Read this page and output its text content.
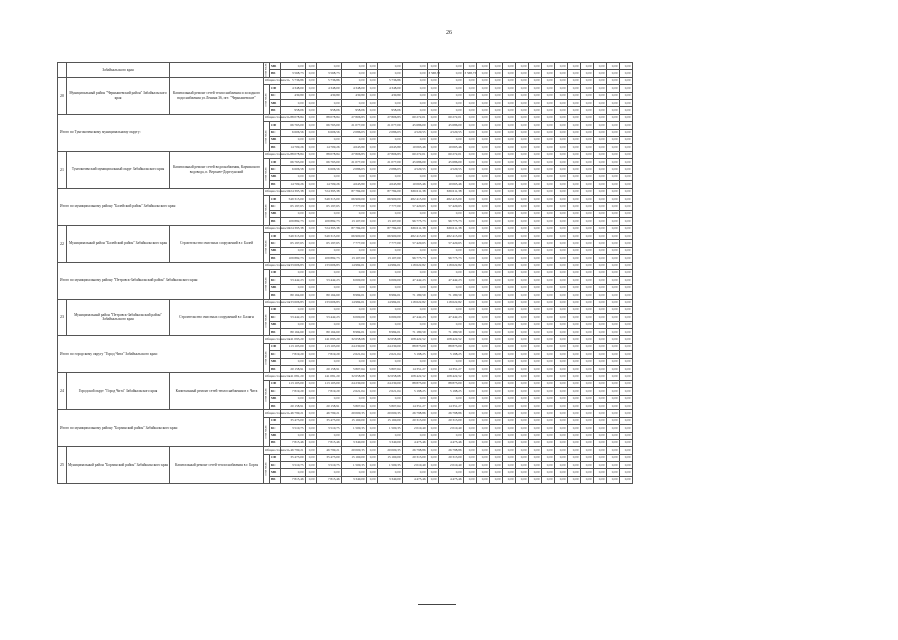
26
	Забайкальского края		в том числе:	МБ	0,00	0,00	0,00	0,00	0,00	0,00	0,00	0,00	0,00	0,00	0,00	0,00	0,00	0,00	0,00	0,00	0,00	0,00	0,00	0,00	0,00	0,00
				ВБ	3 568,73	0,00	3 568,73	0,00	0,00	0,00	0,00	3 568,73	0,00	3 568,73	0,00	0,00	0,00	0,00	0,00	0,00	0,00	0,00	0,00	0,00	0,00	0,00
20	Муниципальный район "Чернышевский район" Забайкальского края	Капитальный ремонт сетей теплоснабжения и холодного водоснабжения ул.Ленина 36, пгт. "Чернышевское"	Общая стоимость		5 736,86	0,00	5 736,86	0,00	0,00	5 736,86	0,00	0,00	0,00	0,00	0,00	0,00	0,00	0,00	0,00	0,00	0,00	0,00	0,00	0,00	0,00	0,00
			в том числе:	СФ	4 348,00	0,00	4 348,00	4 348,00	0,00	4 348,00	0,00	0,00	0,00	0,00	0,00	0,00	0,00	0,00	0,00	0,00	0,00	0,00	0,00	0,00	0,00	0,00
				БС	430,80	0,00	430,80	430,80	0,00	430,80	0,00	0,00	0,00	0,00	0,00	0,00	0,00	0,00	0,00	0,00	0,00	0,00	0,00	0,00	0,00	0,00
				МБ	0,00	0,00	0,00	0,00	0,00	0,00	0,00	0,00	0,00	0,00	0,00	0,00	0,00	0,00	0,00	0,00	0,00	0,00	0,00	0,00	0,00	0,00
				ВБ	958,06	0,00	958,06	958,06	0,00	958,06	0,00	0,00	0,00	0,00	0,00	0,00	0,00	0,00	0,00	0,00	0,00	0,00	0,00	0,00	0,00	0,00
Итого по Тунгокоченскому муниципальному округу:			Общая стоимость		88 078,84	0,00	88 078,84	27 806,83	0,00	27 806,83	60 272,01	0,00	60 272,01	0,00	0,00	0,00	0,00	0,00	0,00	0,00	0,00	0,00	0,00	0,00	0,00	0,00
			в том числе:	СФ	66 763,00	0,00	66 763,00	21 077,00	0,00	21 077,00	45 686,00	0,00	45 686,00	0,00	0,00	0,00	0,00	0,00	0,00	0,00	0,00	0,00	0,00	0,00	0,00	0,00
				БС	6 606,56	0,00	6 606,56	2 086,03	0,00	2 086,03	4 520,55	0,00	4 520,55	0,00	0,00	0,00	0,00	0,00	0,00	0,00	0,00	0,00	0,00	0,00	0,00	0,00
				МБ	0,00	0,00	0,00	0,00	0,00	0,00	0,00	0,00	0,00	0,00	0,00	0,00	0,00	0,00	0,00	0,00	0,00	0,00	0,00	0,00	0,00	0,00
				ВБ	14 709,26	0,00	14 709,26	4 643,80	0,00	4 643,80	10 065,46	0,00	10 065,46	0,00	0,00	0,00	0,00	0,00	0,00	0,00	0,00	0,00	0,00	0,00	0,00	0,00
21	Тунгокоченский муниципальный округ Забайкальского края	Капитальный ремонт сетей водоснабжения, Карчикского водовода, п. Верхнее-Доресунский	Общая стоимость		88 078,84	0,00	88 078,84	27 806,83	0,00	27 806,83	60 272,01	0,00	60 272,01	0,00	0,00	0,00	0,00	0,00	0,00	0,00	0,00	0,00	0,00	0,00	0,00	0,00
			в том числе:	СФ	66 763,00	0,00	66 763,00	21 077,00	0,00	21 077,00	45 686,00	0,00	45 686,00	0,00	0,00	0,00	0,00	0,00	0,00	0,00	0,00	0,00	0,00	0,00	0,00	0,00
				БС	6 606,58	0,00	6 606,56	2 086,03	0,00	2 086,03	4 520,55	0,00	4 520,55	0,00	0,00	0,00	0,00	0,00	0,00	0,00	0,00	0,00	0,00	0,00	0,00	0,00
				МБ	0,00	0,00	0,00	0,00	0,00	0,00	0,00	0,00	0,00	0,00	0,00	0,00	0,00	0,00	0,00	0,00	0,00	0,00	0,00	0,00	0,00	0,00
				ВБ	14 709,26	0,00	14 709,26	4 643,80	0,00	4 643,80	10 065,46	0,00	10 065,46	0,00	0,00	0,00	0,00	0,00	0,00	0,00	0,00	0,00	0,00	0,00	0,00	0,00
Итого по муниципальному району "Балейский район" Забайкальского края:			Общая стоимость		724 395,38	0,00	724 395,38	87 784,00	0,00	87 784,00	636 611,38	0,00	636 611,38	0,00	0,00	0,00	0,00	0,00	0,00	0,00	0,00	0,00	0,00	0,00	0,00	0,00
			в том числе:	СФ	549 315,00	0,00	549 315,00	66 900,00	0,00	66 900,00	482 415,00	0,00	482 415,00	0,00	0,00	0,00	0,00	0,00	0,00	0,00	0,00	0,00	0,00	0,00	0,00	0,00
				БС	65 197,65	0,00	65 197,65	7 777,00	0,00	7 777,00	57 420,65	0,00	57 420,65	0,00	0,00	0,00	0,00	0,00	0,00	0,00	0,00	0,00	0,00	0,00	0,00	0,00
				МБ	0,00	0,00	0,00	0,00	0,00	0,00	0,00	0,00	0,00	0,00	0,00	0,00	0,00	0,00	0,00	0,00	0,00	0,00	0,00	0,00	0,00	0,00
				ВБ	109 882,73	0,00	109 882,73	13 107,00	0,00	13 107,00	96 775,73	0,00	96 775,73	0,00	0,00	0,00	0,00	0,00	0,00	0,00	0,00	0,00	0,00	0,00	0,00	0,00
22	Муниципальный район "Балейский район" Забайкальского края	Строительство очистных сооружений в г. Балей	Общая стоимость		724 395,38	0,00	724 395,38	87 784,00	0,00	87 784,00	636 611,38	0,00	636 611,38	0,00	0,00	0,00	0,00	0,00	0,00	0,00	0,00	0,00	0,00	0,00	0,00	0,00
			в том числе:	СФ	549 315,00	0,00	549 315,00	66 900,00	0,00	66 900,00	482 415,00	0,00	482 415,00	0,00	0,00	0,00	0,00	0,00	0,00	0,00	0,00	0,00	0,00	0,00	0,00	0,00
				БС	65 197,65	0,00	65 197,65	7 777,00	0,00	7 777,00	57 420,65	0,00	57 420,65	0,00	0,00	0,00	0,00	0,00	0,00	0,00	0,00	0,00	0,00	0,00	0,00	0,00
				МБ	0,00	0,00	0,00	0,00	0,00	0,00	0,00	0,00	0,00	0,00	0,00	0,00	0,00	0,00	0,00	0,00	0,00	0,00	0,00	0,00	0,00	0,00
				ВБ	109 882,73	0,00	109 882,73	13 107,00	0,00	13 107,00	96 775,73	0,00	96 775,73	0,00	0,00	0,00	0,00	0,00	0,00	0,00	0,00	0,00	0,00	0,00	0,00	0,00
Итого по муниципальному району "Петровск-Забайкальский район" Забайкальского края:			Общая стоимость		133 606,83	0,00	133 606,83	14 984,01	0,00	14 984,01	118 622,82	0,00	118 622,82	0,00	0,00	0,00	0,00	0,00	0,00	0,00	0,00	0,00	0,00	0,00	0,00	0,00
			в том числе:	СФ	0,00	0,00	0,00	0,00	0,00	0,00	0,00	0,00	0,00	0,00	0,00	0,00	0,00	0,00	0,00	0,00	0,00	0,00	0,00	0,00	0,00	0,00
				БС	53 442,23	0,00	53 442,23	6 000,00	0,00	6 000,00	47 442,23	0,00	47 442,23	0,00	0,00	0,00	0,00	0,00	0,00	0,00	0,00	0,00	0,00	0,00	0,00	0,00
				МБ	0,00	0,00	0,00	0,00	0,00	0,00	0,00	0,00	0,00	0,00	0,00	0,00	0,00	0,00	0,00	0,00	0,00	0,00	0,00	0,00	0,00	0,00
				ВБ	80 164,60	0,00	80 164,60	8 984,01	0,00	8 984,01	71 180,59	0,00	71 180,59	0,00	0,00	0,00	0,00	0,00	0,00	0,00	0,00	0,00	0,00	0,00	0,00	0,00
23	Муниципальный район "Петровск-Забайкальский район" Забайкальского края	Строительство очистных сооружений в г. Балягн	Общая стоимость		133 606,83	0,00	133 606,83	14 984,01	0,00	14 984,01	118 622,82	0,00	118 622,82	0,00	0,00	0,00	0,00	0,00	0,00	0,00	0,00	0,00	0,00	0,00	0,00	0,00
			в том числе:	СФ	0,00	0,00	0,00	0,00	0,00	0,00	0,00	0,00	0,00	0,00	0,00	0,00	0,00	0,00	0,00	0,00	0,00	0,00	0,00	0,00	0,00	0,00
				БС	53 442,23	0,00	53 442,23	6 000,00	0,00	6 000,00	47 442,23	0,00	47 442,23	0,00	0,00	0,00	0,00	0,00	0,00	0,00	0,00	0,00	0,00	0,00	0,00	0,00
				МБ	0,00	0,00	0,00	0,00	0,00	0,00	0,00	0,00	0,00	0,00	0,00	0,00	0,00	0,00	0,00	0,00	0,00	0,00	0,00	0,00	0,00	0,00
				ВБ	80 164,60	0,00	80 164,60	8 984,01	0,00	8 984,01	71 180,59	0,00	71 180,59	0,00	0,00	0,00	0,00	0,00	0,00	0,00	0,00	0,00	0,00	0,00	0,00	0,00
Итого по городскому округу "Город Чита" Забайкальского края:			Общая стоимость		141 093,20	0,00	141 093,20	32 658,68	0,00	32 658,68	108 422,52	0,00	108 422,52	0,00	0,00	0,00	0,00	0,00	0,00	0,00	0,00	0,00	0,00	0,00	0,00	0,00
			в том числе:	СФ	113 103,00	0,00	113 103,00	24 230,00	0,00	24 230,00	88 873,00	0,00	88 873,00	0,00	0,00	0,00	0,00	0,00	0,00	0,00	0,00	0,00	0,00	0,00	0,00	0,00
				БС	7 819,29	0,00	7 819,29	2 621,04	0,00	2 621,04	5 198,25	0,00	5 198,25	0,00	0,00	0,00	0,00	0,00	0,00	0,00	0,00	0,00	0,00	0,00	0,00	0,00
				МБ	0,00	0,00	0,00	0,00	0,00	0,00	0,00	0,00	0,00	0,00	0,00	0,00	0,00	0,00	0,00	0,00	0,00	0,00	0,00	0,00	0,00	0,00
				ВБ	20 158,91	0,00	20 158,91	5 807,64	0,00	5 807,64	14 351,27	0,00	14 351,27	0,00	0,00	0,00	0,00	0,00	0,00	0,00	0,00	0,00	0,00	0,00	0,00	0,00
24	Городской округ "Город Чита" Забайкальского края	Капитальный ремонт сетей теплоснабжения в г. Чита	Общая стоимость		141 081,20	0,00	141 081,20	32 658,68	0,00	32 658,68	108 422,52	0,00	108 422,52	0,00	0,00	0,00	0,00	0,00	0,00	0,00	0,00	0,00	0,00	0,00	0,00	0,00
			в том числе:	СФ	113 103,00	0,00	113 103,00	24 230,00	0,00	24 230,00	88 873,00	0,00	88 873,00	0,00	0,00	0,00	0,00	0,00	0,00	0,00	0,00	0,00	0,00	0,00	0,00	0,00
				БС	7 819,29	0,00	7 819,29	2 621,04	0,00	2 621,04	5 198,25	0,00	5 198,25	0,00	0,00	0,00	0,00	0,00	0,00	0,00	0,00	0,00	0,00	0,00	0,00	0,00
				МБ	0,00	0,00	0,00	0,00	0,00	0,00	0,00	0,00	0,00	0,00	0,00	0,00	0,00	0,00	0,00	0,00	0,00	0,00	0,00	0,00	0,00	0,00
				ВБ	20 158,91	0,00	20 158,91	5 807,64	0,00	5 807,64	14 351,27	0,00	14 351,27	0,00	0,00	0,00	0,00	0,00	0,00	0,00	0,00	0,00	0,00	0,00	0,00	0,00
Итого по муниципальному району "Борзинский район" Забайкальского края:			Общая стоимость		46 799,21	0,00	46 799,21	20 000,35	0,00	20 000,35	26 798,86	0,00	26 798,86	0,00	0,00	0,00	0,00	0,00	0,00	0,00	0,00	0,00	0,00	0,00	0,00	0,00
			в том числе:	СФ	35 473,00	0,00	35 473,00	15 160,00	0,00	15 160,00	20 313,00	0,00	20 313,00	0,00	0,00	0,00	0,00	0,00	0,00	0,00	0,00	0,00	0,00	0,00	0,00	0,00
				БС	3 510,75	0,00	3 510,75	1 500,35	0,00	1 500,35	2 010,40	0,00	2 010,40	0,00	0,00	0,00	0,00	0,00	0,00	0,00	0,00	0,00	0,00	0,00	0,00	0,00
				МБ	0,00	0,00	0,00	0,00	0,00	0,00	0,00	0,00	0,00	0,00	0,00	0,00	0,00	0,00	0,00	0,00	0,00	0,00	0,00	0,00	0,00	0,00
				ВБ	7 815,46	0,00	7 815,46	3 340,00	0,00	3 340,00	4 475,46	0,00	4 475,46	0,00	0,00	0,00	0,00	0,00	0,00	0,00	0,00	0,00	0,00	0,00	0,00	0,00
25	Муниципальный район "Борзинский район" Забайкальского края	Капитальный ремонт сетей теплоснабжения в г. Борзя	Общая стоимость		46 799,21	0,00	46 799,21	20 000,35	0,00	20 000,35	26 798,86	0,00	26 798,86	0,00	0,00	0,00	0,00	0,00	0,00	0,00	0,00	0,00	0,00	0,00	0,00	0,00
			в том числе:	СФ	35 473,00	0,00	35 473,00	15 160,00	0,00	15 160,00	20 313,00	0,00	20 313,00	0,00	0,00	0,00	0,00	0,00	0,00	0,00	0,00	0,00	0,00	0,00	0,00	0,00
				БС	3 510,75	0,00	3 510,75	1 500,35	0,00	1 500,35	2 010,40	0,00	2 010,40	0,00	0,00	0,00	0,00	0,00	0,00	0,00	0,00	0,00	0,00	0,00	0,00	0,00
				МБ	0,00	0,00	0,00	0,00	0,00	0,00	0,00	0,00	0,00	0,00	0,00	0,00	0,00	0,00	0,00	0,00	0,00	0,00	0,00	0,00	0,00	0,00
				ВБ	7 815,46	0,00	7 815,46	3 340,00	0,00	3 340,00	4 475,46	0,00	4 475,46	0,00	0,00	0,00	0,00	0,00	0,00	0,00	0,00	0,00	0,00	0,00	0,00	0,00
